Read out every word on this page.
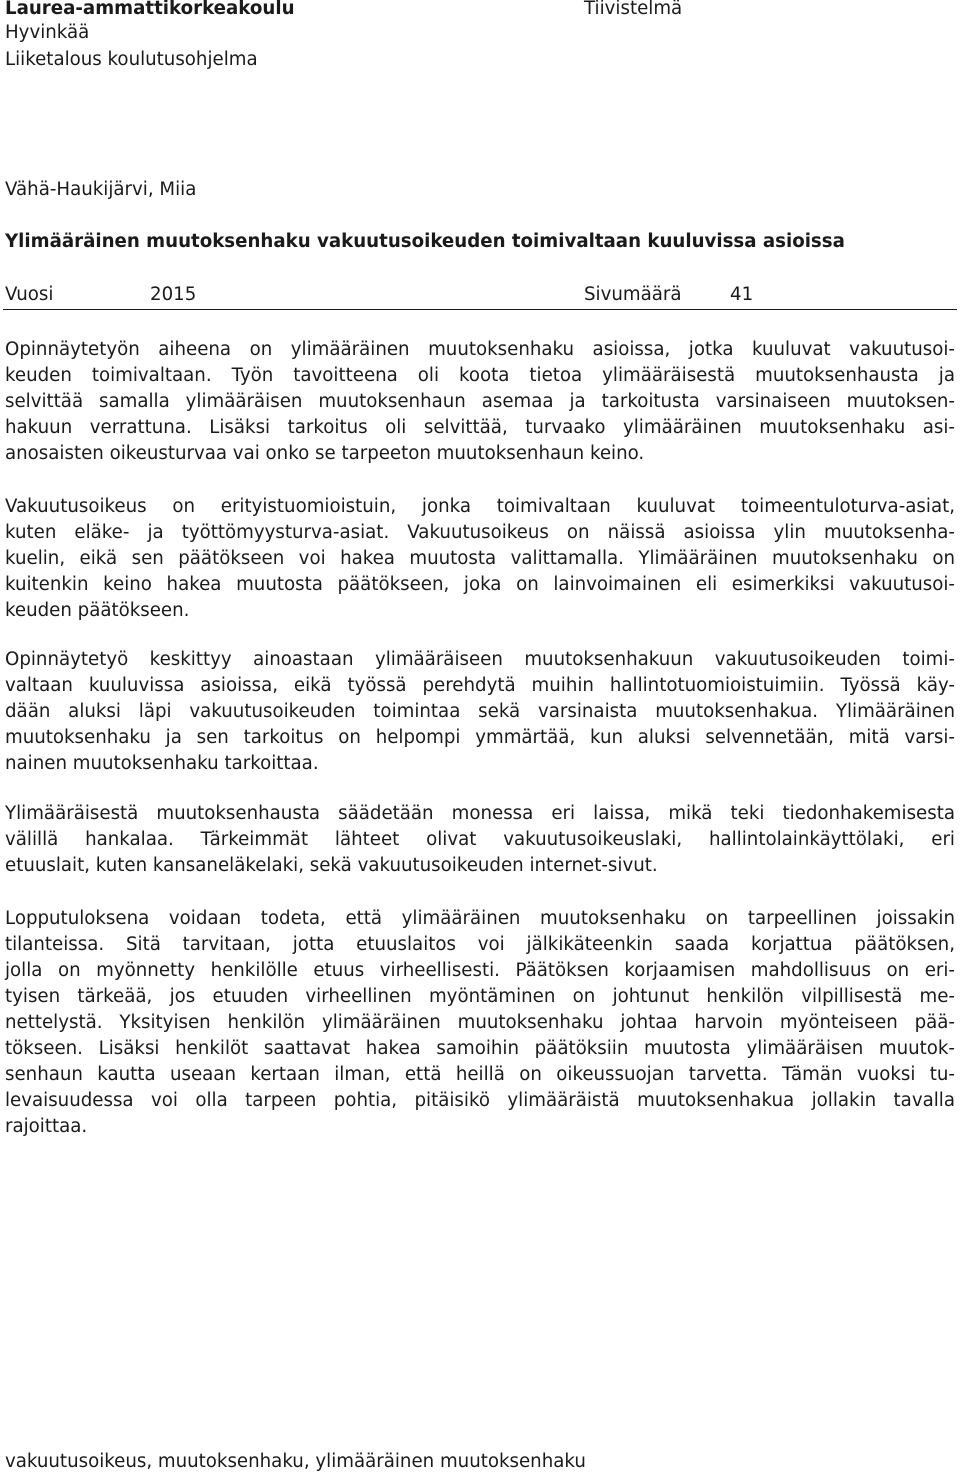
Laurea-ammattikorkeakoulu	Tiivistelmä
Hyvinkää
Liiketalous koulutusohjelma
Vähä-Haukijärvi, Miia
Ylimääräinen muutoksenhaku vakuutusoikeuden toimivaltaan kuuluvissa asioissa
Vuosi	2015	Sivumäärä	41
Opinnäytetyön aiheena on ylimääräinen muutoksenhaku asioissa, jotka kuuluvat vakuutusoi-
keuden toimivaltaan. Työn tavoitteena oli koota tietoa ylimääräisestä muutoksenhausta ja
selvittää samalla ylimääräisen muutoksenhaun asemaa ja tarkoitusta varsinaiseen muutoksen-
hakuun verrattuna. Lisäksi tarkoitus oli selvittää, turvaako ylimääräinen muutoksenhaku asi-
anosaisten oikeusturvaa vai onko se tarpeeton muutoksenhaun keino.
Vakuutusoikeus on erityistuomioistuin, jonka toimivaltaan kuuluvat toimeentuloturva-asiat,
kuten eläke- ja työttömyysturva-asiat. Vakuutusoikeus on näissä asioissa ylin muutoksenha-
kuelin, eikä sen päätökseen voi hakea muutosta valittamalla. Ylimääräinen muutoksenhaku on
kuitenkin keino hakea muutosta päätökseen, joka on lainvoimainen eli esimerkiksi vakuutusoi-
keuden päätökseen.
Opinnäytetyö keskittyy ainoastaan ylimääräiseen muutoksenhakuun vakuutusoikeuden toimi-
valtaan kuuluvissa asioissa, eikä työssä perehdytä muihin hallintotuomioistuimiin. Työssä käy-
dään aluksi läpi vakuutusoikeuden toimintaa sekä varsinaista muutoksenhakua. Ylimääräinen
muutoksenhaku ja sen tarkoitus on helpompi ymmärtää, kun aluksi selvennetään, mitä varsi-
nainen muutoksenhaku tarkoittaa.
Ylimääräisestä muutoksenhausta säädetään monessa eri laissa, mikä teki tiedonhakemisesta
välillä hankalaa. Tärkeimmät lähteet olivat vakuutusoikeuslaki, hallintolainkäyttölaki, eri
etuuslait, kuten kansaneläkelaki, sekä vakuutusoikeuden internet-sivut.
Lopputuloksena voidaan todeta, että ylimääräinen muutoksenhaku on tarpeellinen joissakin
tilanteissa. Sitä tarvitaan, jotta etuuslaitos voi jälkikäteenkin saada korjattua päätöksen,
jolla on myönnetty henkilölle etuus virheellisesti. Päätöksen korjaamisen mahdollisuus on eri-
tyisen tärkeää, jos etuuden virheellinen myöntäminen on johtunut henkilön vilpillisestä me-
nettelystä. Yksityisen henkilön ylimääräinen muutoksenhaku johtaa harvoin myönteiseen pää-
tökseen. Lisäksi henkilöt saattavat hakea samoihin päätöksiin muutosta ylimääräisen muutok-
senhaun kautta useaan kertaan ilman, että heillä on oikeussuojan tarvetta. Tämän vuoksi tu-
levaisuudessa voi olla tarpeen pohtia, pitäisikö ylimääräistä muutoksenhakua jollakin tavalla
rajoittaa.
vakuutusoikeus, muutoksenhaku, ylimääräinen muutoksenhaku
